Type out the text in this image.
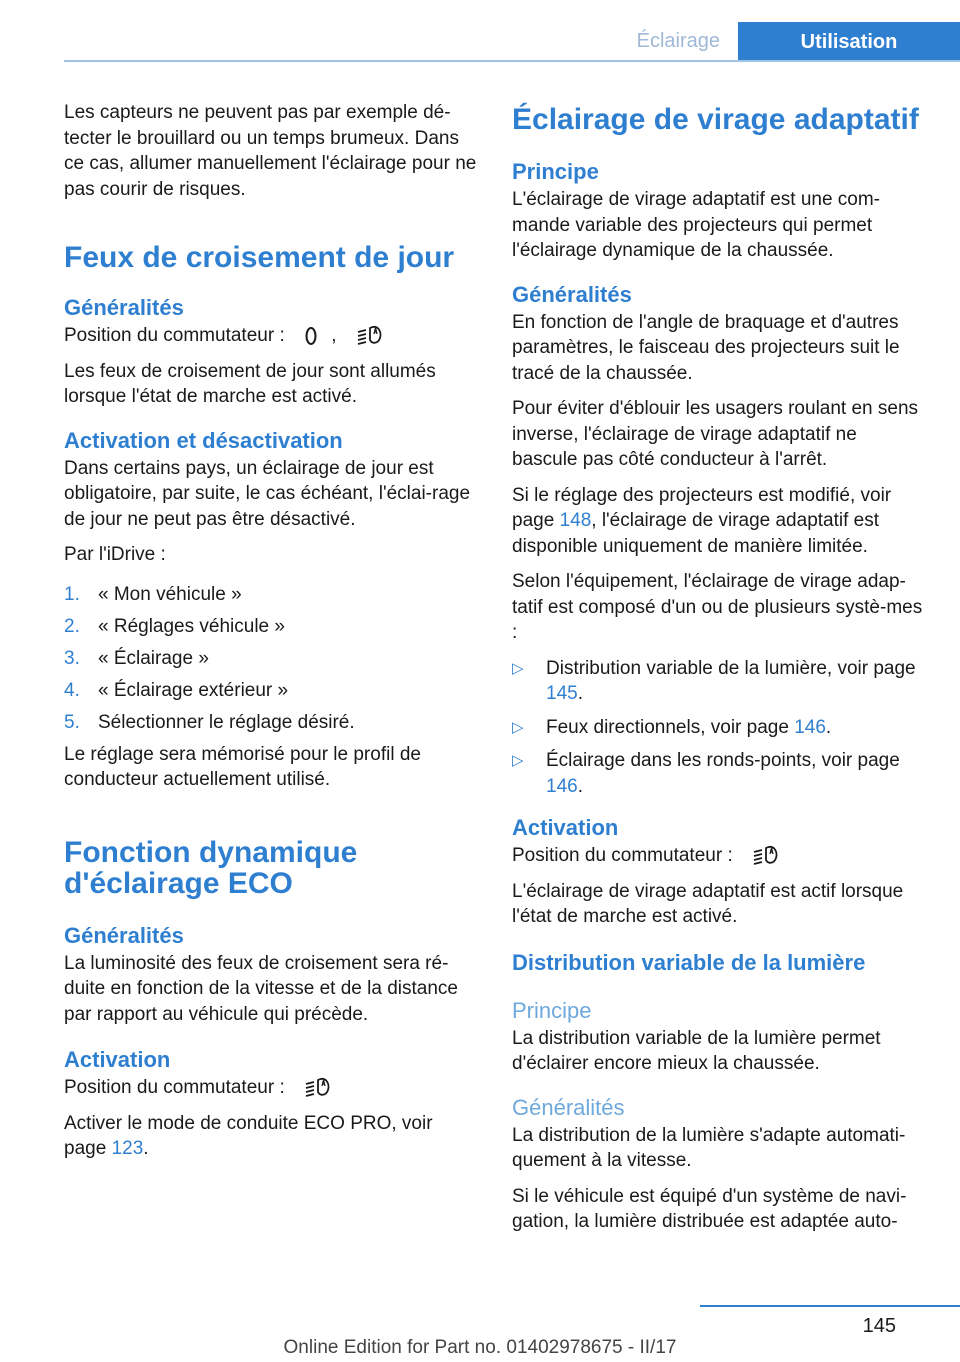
Éclairage	Utilisation

Les capteurs ne peuvent pas par exemple dé-tecter le brouillard ou un temps brumeux. Dans ce cas, allumer manuellement l'éclairage pour ne pas courir de risques.

Feux de croisement de jour
Généralités

Position du commutateur : ,

Les feux de croisement de jour sont allumés lorsque l'état de marche est activé.

Activation et désactivation

Dans certains pays, un éclairage de jour est obligatoire, par suite, le cas échéant, l'éclai-rage de jour ne peut pas être désactivé.

Par l'iDrive :

1. « Mon véhicule »
2. « Réglages véhicule »
3. « Éclairage »
4. « Éclairage extérieur »
5. Sélectionner le réglage désiré.

Le réglage sera mémorisé pour le profil de conducteur actuellement utilisé.

Fonction dynamique
d'éclairage ECO
Généralités

La luminosité des feux de croisement sera ré-duite en fonction de la vitesse et de la distance par rapport au véhicule qui précède.

Activation

Position du commutateur :

Activer le mode de conduite ECO PRO, voir page 123.

Éclairage de virage adaptatif
Principe

L'éclairage de virage adaptatif est une com-mande variable des projecteurs qui permet l'éclairage dynamique de la chaussée.

Généralités

En fonction de l'angle de braquage et d'autres paramètres, le faisceau des projecteurs suit le tracé de la chaussée.

Pour éviter d'éblouir les usagers roulant en sens inverse, l'éclairage de virage adaptatif ne bascule pas côté conducteur à l'arrêt.

Si le réglage des projecteurs est modifié, voir page 148, l'éclairage de virage adaptatif est disponible uniquement de manière limitée.

Selon l'équipement, l'éclairage de virage adap-tatif est composé d'un ou de plusieurs systè-mes :

▷ Distribution variable de la lumière, voir page 145.
▷ Feux directionnels, voir page 146.
▷ Éclairage dans les ronds-points, voir page 146.
Activation

Position du commutateur :

L'éclairage de virage adaptatif est actif lorsque l'état de marche est activé.

Distribution variable de la lumière
Principe

La distribution variable de la lumière permet d'éclairer encore mieux la chaussée.

Généralités

La distribution de la lumière s'adapte automati-quement à la vitesse.

Si le véhicule est équipé d'un système de navi-gation, la lumière distribuée est adaptée auto-

145
Online Edition for Part no. 01402978675 - II/17
